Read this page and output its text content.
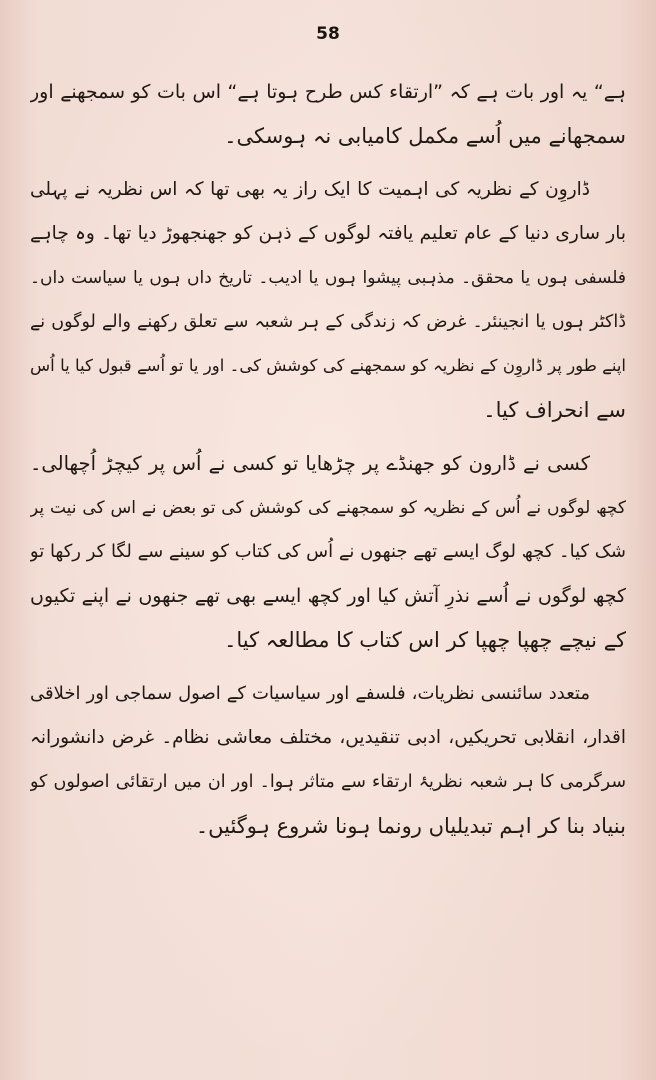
58
ہے“ یہ اور بات ہے کہ ”ارتقاء کس طرح ہوتا ہے“ اس بات کو سمجھنے اور
سمجھانے میں اُسے مکمل کامیابی نہ ہوسکی۔
ڈاروِن کے نظریہ کی اہمیت کا ایک راز یہ بھی تھا کہ اس نظریہ نے پہلی
بار ساری دنیا کے عام تعلیم یافتہ لوگوں کے ذہن کو جھنجھوڑ دیا تھا۔ وہ چاہے
فلسفی ہوں یا محقق۔ مذہبی پیشوا ہوں یا ادیب۔ تاریخ داں ہوں یا سیاست داں۔
ڈاکٹر ہوں یا انجینئر۔ غرض کہ زندگی کے ہر شعبہ سے تعلق رکھنے والے لوگوں نے
اپنے طور پر ڈاروِن کے نظریہ کو سمجھنے کی کوشش کی۔ اور یا تو اُسے قبول کیا یا اُس
سے انحراف کیا۔
کسی نے ڈارون کو جھنڈے پر چڑھایا تو کسی نے اُس پر کیچڑ اُچھالی۔
کچھ لوگوں نے اُس کے نظریہ کو سمجھنے کی کوشش کی تو بعض نے اس کی نیت پر
شک کیا۔ کچھ لوگ ایسے تھے جنھوں نے اُس کی کتاب کو سینے سے لگا کر رکھا تو
کچھ لوگوں نے اُسے نذرِ آتش کیا اور کچھ ایسے بھی تھے جنھوں نے اپنے تکیوں
کے نیچے چھپا چھپا کر اس کتاب کا مطالعہ کیا۔
متعدد سائنسی نظریات، فلسفے اور سیاسیات کے اصول سماجی اور اخلاقی
اقدار، انقلابی تحریکیں، ادبی تنقیدیں، مختلف معاشی نظام۔ غرض دانشورانہ
سرگرمی کا ہر شعبہ نظریۂ ارتقاء سے متاثر ہوا۔ اور ان میں ارتقائی اصولوں کو
بنیاد بنا کر اہم تبدیلیاں رونما ہونا شروع ہوگئیں۔
